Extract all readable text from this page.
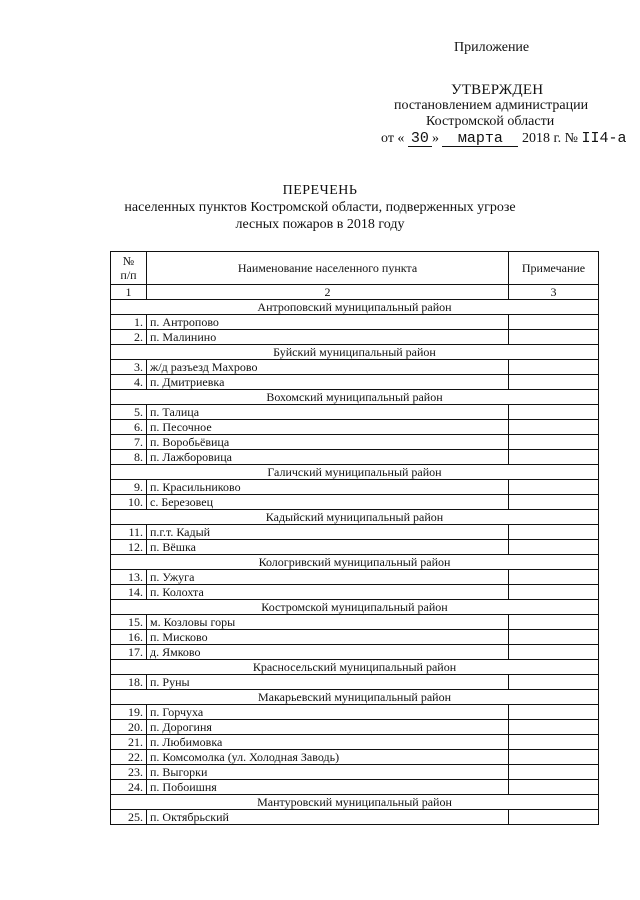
Приложение
УТВЕРЖДЕН
постановлением администрации
Костромской области
от « 30 » марта 2018 г. № II4-а
ПЕРЕЧЕНЬ
населенных пунктов Костромской области, подверженных угрозе
лесных пожаров в 2018 году
№
п/п	Наименование населенного пункта	Примечание
1	2	3
Антроповский муниципальный район		
1.	п. Антропово	
2.	п. Малинино	
Буйский муниципальный район		
3.	ж/д разъезд Махрово	
4.	п. Дмитриевка	
Вохомский муниципальный район		
5.	п. Талица	
6.	п. Песочное	
7.	п. Воробьёвица	
8.	п. Лажборовица	
Галичский муниципальный район		
9.	п. Красильниково	
10.	с. Березовец	
Кадыйский муниципальный район		
11.	п.г.т. Кадый	
12.	п. Вёшка	
Кологривский муниципальный район		
13.	п. Ужуга	
14.	п. Колохта	
Костромской муниципальный район		
15.	м. Козловы горы	
16.	п. Мисково	
17.	д. Ямково	
Красносельский муниципальный район		
18.	п. Руны	
Макарьевский муниципальный район		
19.	п. Горчуха	
20.	п. Дорогиня	
21.	п. Любимовка	
22.	п. Комсомолка (ул. Холодная Заводь)	
23.	п. Выгорки	
24.	п. Побоишня	
Мантуровский муниципальный район		
25.	п. Октябрьский	
